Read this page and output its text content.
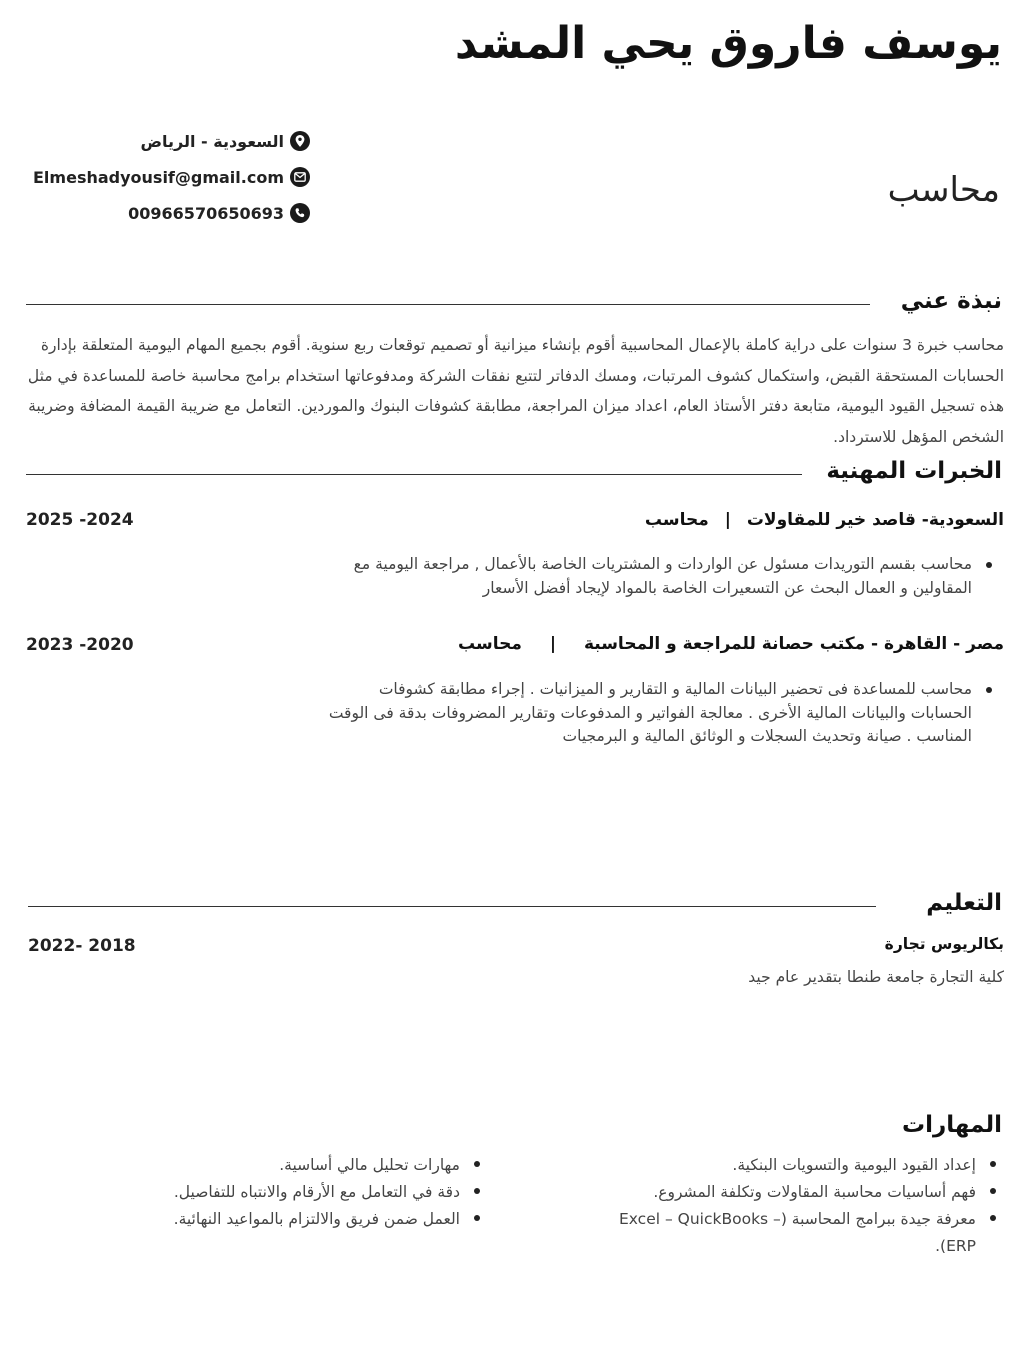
يوسف فاروق يحي المشد
محاسب
السعودية - الرياض
Elmeshadyousif@gmail.com
00966570650693
نبذة عني
محاسب خبرة 3 سنوات على دراية كاملة بالإعمال المحاسبية أقوم بإنشاء ميزانية أو تصميم توقعات ربع سنوية. أقوم بجميع المهام اليومية المتعلقة بإدارة الحسابات المستحقة القبض، واستكمال كشوف المرتبات، ومسك الدفاتر لتتبع نفقات الشركة ومدفوعاتها استخدام برامج محاسبة خاصة للمساعدة في مثل هذه تسجيل القيود اليومية، متابعة دفتر الأستاذ العام، اعداد ميزان المراجعة، مطابقة كشوفات البنوك والموردين. التعامل مع ضريبة القيمة المضافة وضريبة الشخص المؤهل للاسترداد.
الخبرات المهنية
السعودية- قاصد خير للمقاولات | محاسب
2025 -2024
محاسب بقسم التوريدات مسئول عن الواردات و المشتريات الخاصة بالأعمال , مراجعة اليومية مع المقاولين و العمال البحث عن التسعيرات الخاصة بالمواد لإيجاد أفضل الأسعار
مصر - القاهرة - مكتب حصانة للمراجعة و المحاسبة | محاسب
2023 -2020
محاسب للمساعدة فى تحضير البيانات المالية و التقارير و الميزانيات . إجراء مطابقة كشوفات الحسابات والبيانات المالية الأخرى . معالجة الفواتير و المدفوعات وتقارير المضروفات بدقة فى الوقت المناسب . صيانة وتحديث السجلات و الوثائق المالية و البرمجيات
التعليم
بكالريوس تجارة
2022- 2018
كلية التجارة جامعة طنطا بتقدير عام جيد
المهارات
إعداد القيود اليومية والتسويات البنكية.
فهم أساسيات محاسبة المقاولات وتكلفة المشروع.
معرفة جيدة ببرامج المحاسبة (Excel – QuickBooks – ERP).
مهارات تحليل مالي أساسية.
دقة في التعامل مع الأرقام والانتباه للتفاصيل.
العمل ضمن فريق والالتزام بالمواعيد النهائية.
